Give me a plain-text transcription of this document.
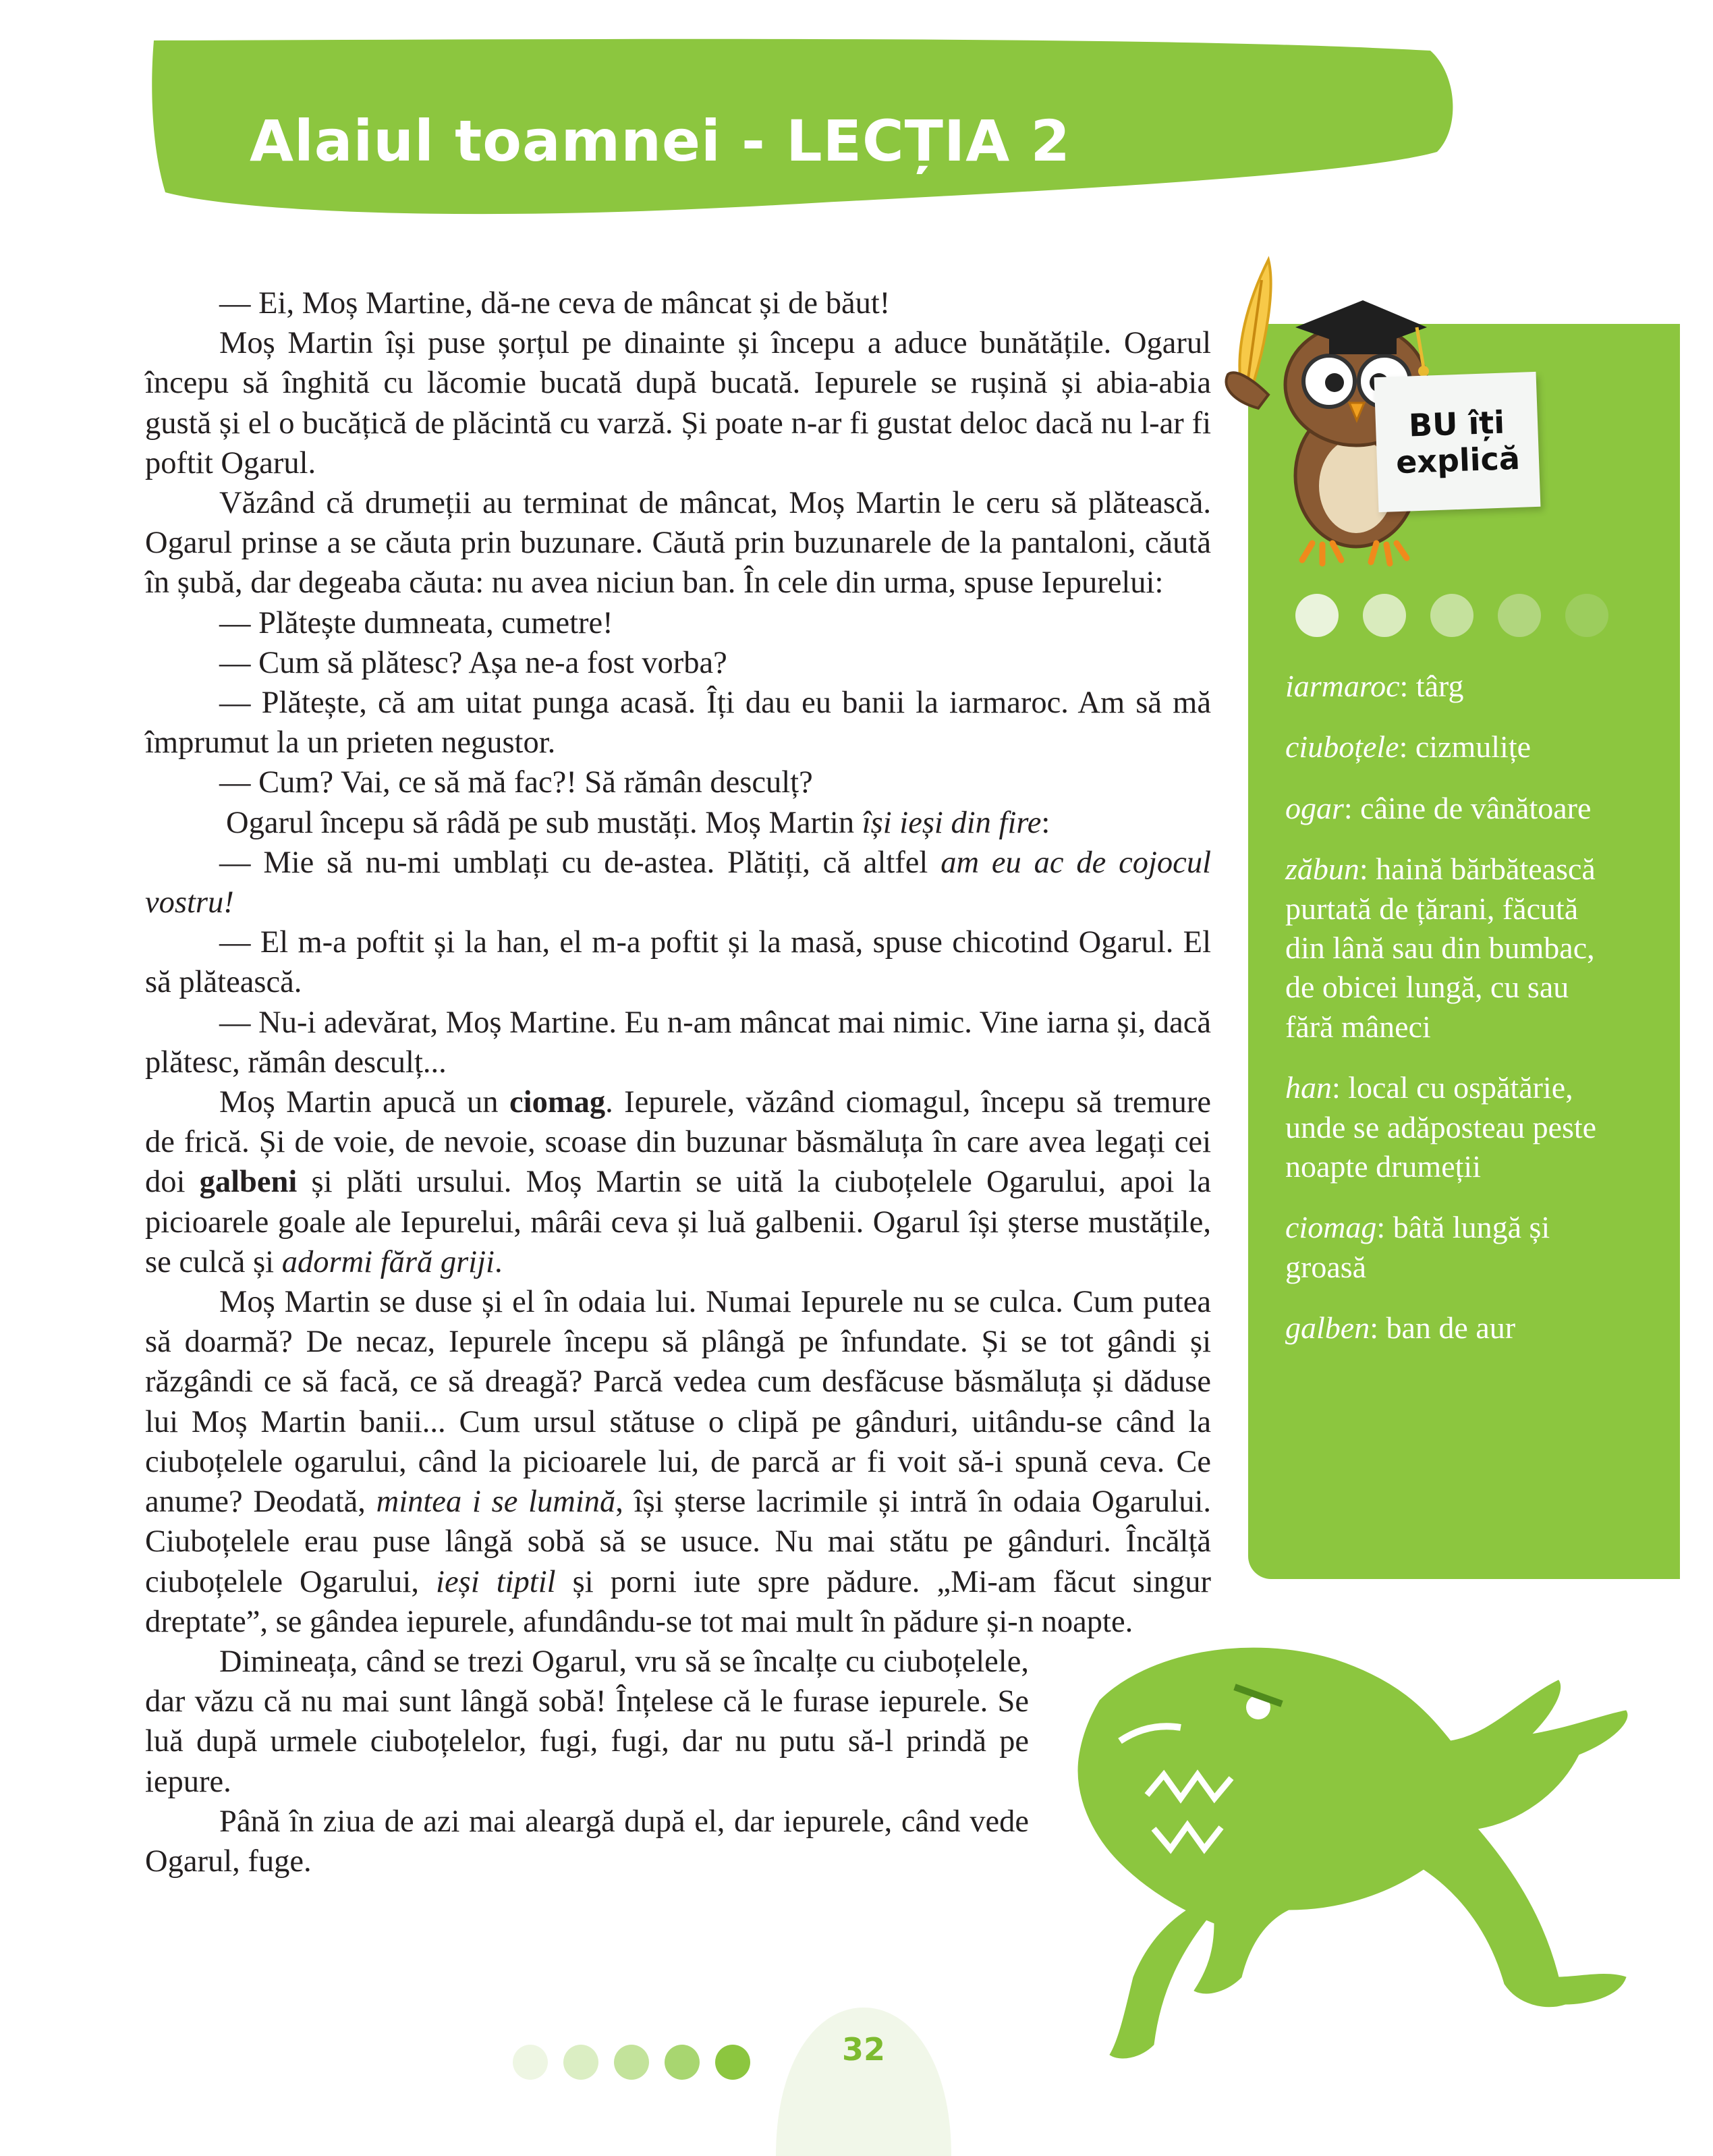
Alaiul toamnei - LECȚIA 2
BU îți
explică

iarmaroc: târg

ciuboțele: cizmulițe

ogar: câine de vânătoare

zăbun: haină bărbătească purtată de țărani, făcută din lână sau din bumbac, de obicei lungă, cu sau fără mâneci

han: local cu ospătărie, unde se adăposteau peste noapte drumeții

ciomag: bâtă lungă și groasă

galben: ban de aur

— Ei, Moș Martine, dă-ne ceva de mâncat și de băut!

Moș Martin își puse șorțul pe dinainte și începu a aduce bunătățile. Ogarul începu să înghită cu lăcomie bucată după bucată. Iepurele se rușină și abia-abia gustă și el o bucățică de plăcintă cu varză. Și poate n-ar fi gustat deloc dacă nu l-ar fi poftit Ogarul.

Văzând că drumeții au terminat de mâncat, Moș Martin le ceru să plătească. Ogarul prinse a se căuta prin buzunare. Căută prin buzunarele de la pantaloni, căută în șubă, dar degeaba căuta: nu avea niciun ban. În cele din urma, spuse Iepurelui:

— Plătește dumneata, cumetre!

— Cum să plătesc? Așa ne-a fost vorba?

— Plătește, că am uitat punga acasă. Îți dau eu banii la iarmaroc. Am să mă împrumut la un prieten negustor.

— Cum? Vai, ce să mă fac?! Să rămân desculț?

Ogarul începu să râdă pe sub mustăți. Moș Martin își ieși din fire:

— Mie să nu-mi umblați cu de-astea. Plătiți, că altfel am eu ac de cojocul vostru!

— El m-a poftit și la han, el m-a poftit și la masă, spuse chicotind Ogarul. El să plătească.

— Nu-i adevărat, Moș Martine. Eu n-am mâncat mai nimic. Vine iarna și, dacă plătesc, rămân desculț...

Moș Martin apucă un ciomag. Iepurele, văzând ciomagul, începu să tremure de frică. Și de voie, de nevoie, scoase din buzunar băsmăluța în care avea legați cei doi galbeni și plăti ursului. Moș Martin se uită la ciuboțelele Ogarului, apoi la picioarele goale ale Iepurelui, mârâi ceva și luă galbenii. Ogarul își șterse mustățile, se culcă și adormi fără griji.

Moș Martin se duse și el în odaia lui. Numai Iepurele nu se culca. Cum putea să doarmă? De necaz, Iepurele începu să plângă pe înfundate. Și se tot gândi și răzgândi ce să facă, ce să dreagă? Parcă vedea cum desfăcuse băsmăluța și dăduse lui Moș Martin banii... Cum ursul stătuse o clipă pe gânduri, uitându-se când la ciuboțelele ogarului, când la picioarele lui, de parcă ar fi voit să-i spună ceva. Ce anume? Deodată, mintea i se lumină, își șterse lacrimile și intră în odaia Ogarului. Ciuboțelele erau puse lângă sobă să se usuce. Nu mai stătu pe gânduri. Încălță ciuboțelele Ogarului, ieși tiptil și porni iute spre pădure. „Mi-am făcut singur dreptate”, se gândea iepurele, afundându-se tot mai mult în pădure și-n noapte.

Dimineața, când se trezi Ogarul, vru să se încalțe cu ciuboțelele, dar văzu că nu mai sunt lângă sobă! Înțelese că le furase iepurele. Se luă după urmele ciuboțelelor, fugi, fugi, dar nu putu să-l prindă pe iepure.

Până în ziua de azi mai aleargă după el, dar iepurele, când vede Ogarul, fuge.

32
